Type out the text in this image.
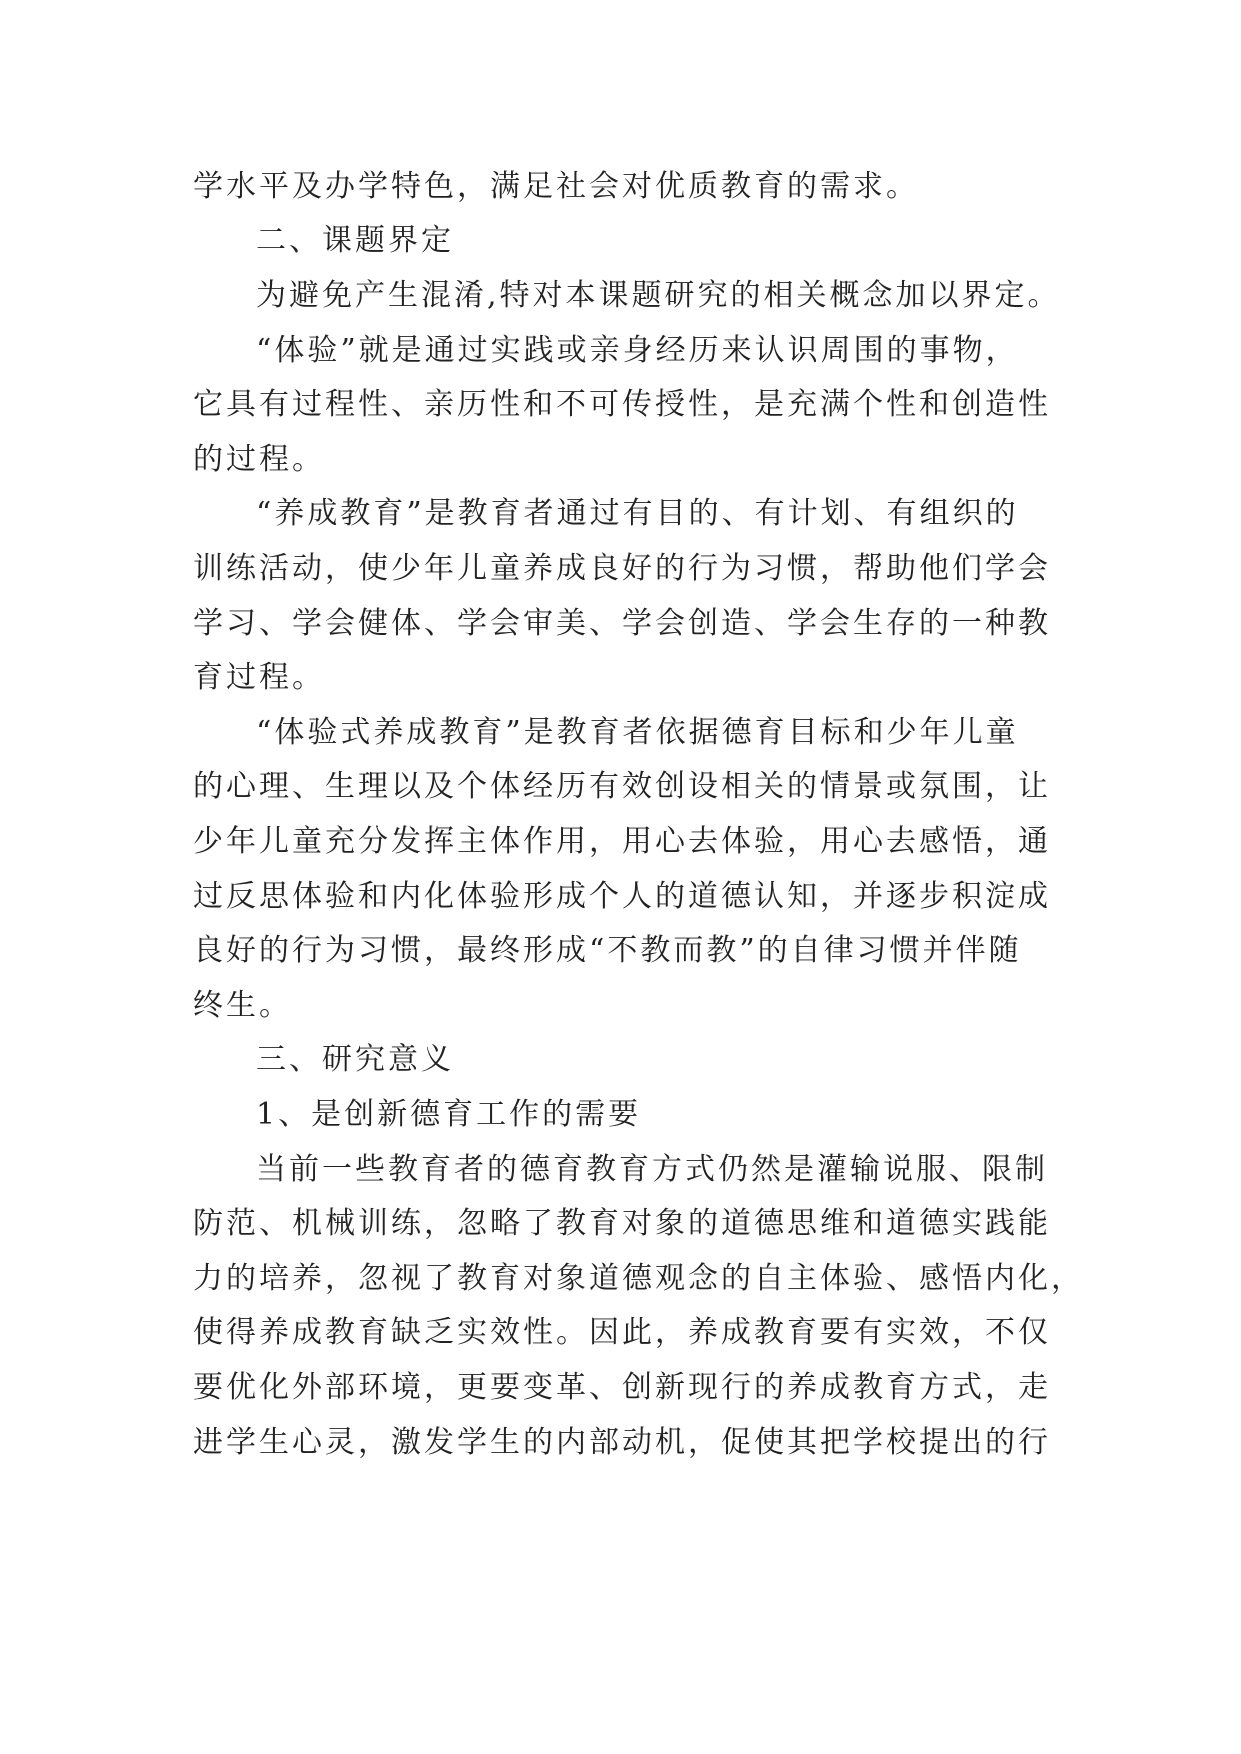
学水平及办学特色，满足社会对优质教育的需求。
二、课题界定
为避免产生混淆,特对本课题研究的相关概念加以界定。
“体验”就是通过实践或亲身经历来认识周围的事物，
它具有过程性、亲历性和不可传授性，是充满个性和创造性
的过程。
“养成教育”是教育者通过有目的、有计划、有组织的
训练活动，使少年儿童养成良好的行为习惯，帮助他们学会
学习、学会健体、学会审美、学会创造、学会生存的一种教
育过程。
“体验式养成教育”是教育者依据德育目标和少年儿童
的心理、生理以及个体经历有效创设相关的情景或氛围，让
少年儿童充分发挥主体作用，用心去体验，用心去感悟，通
过反思体验和内化体验形成个人的道德认知，并逐步积淀成
良好的行为习惯，最终形成“不教而教”的自律习惯并伴随
终生。
三、研究意义
1、是创新德育工作的需要
当前一些教育者的德育教育方式仍然是灌输说服、限制
防范、机械训练，忽略了教育对象的道德思维和道德实践能
力的培养，忽视了教育对象道德观念的自主体验、感悟内化，
使得养成教育缺乏实效性。因此，养成教育要有实效，不仅
要优化外部环境，更要变革、创新现行的养成教育方式，走
进学生心灵，激发学生的内部动机，促使其把学校提出的行
